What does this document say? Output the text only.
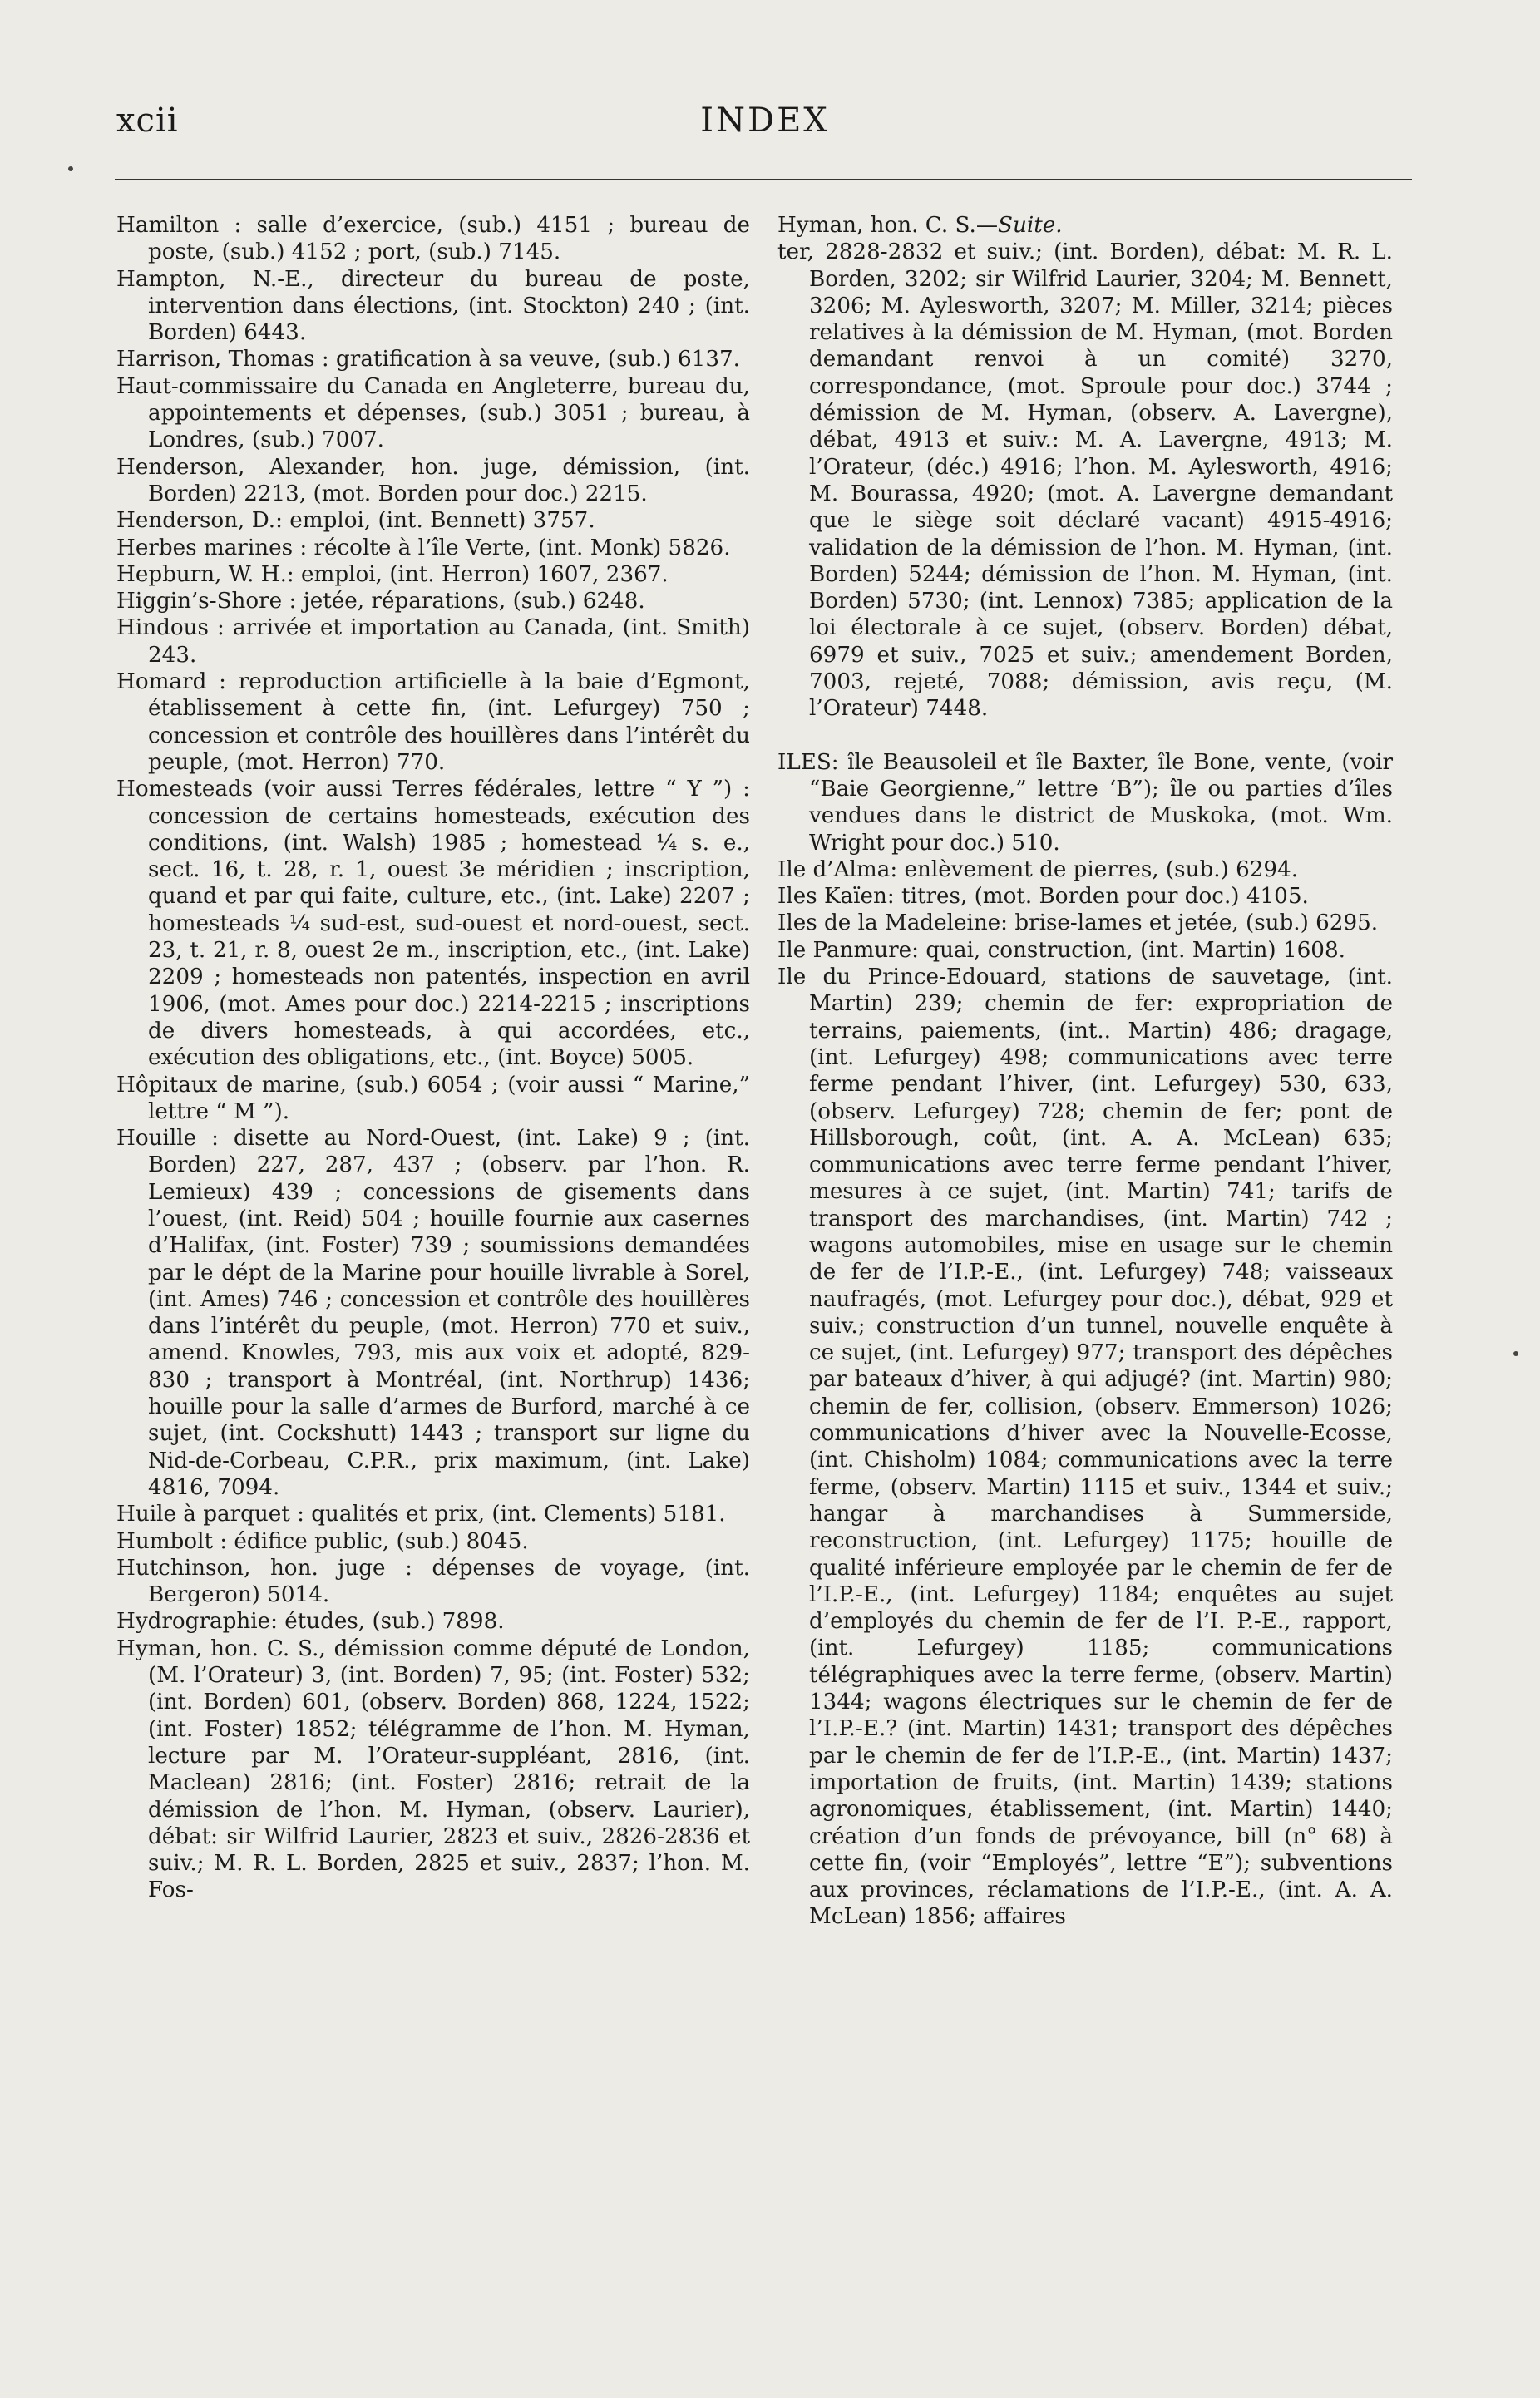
xcii	INDEX

Hamilton : salle d’exercice, (sub.) 4151 ; bureau de poste, (sub.) 4152 ; port, (sub.) 7145.

Hampton, N.-E., directeur du bureau de poste, intervention dans élections, (int. Stockton) 240 ; (int. Borden) 6443.

Harrison, Thomas : gratification à sa veuve, (sub.) 6137.

Haut-commissaire du Canada en Angleterre, bureau du, appointements et dépenses, (sub.) 3051 ; bureau, à Londres, (sub.) 7007.

Henderson, Alexander, hon. juge, démission, (int. Borden) 2213, (mot. Borden pour doc.) 2215.

Henderson, D.: emploi, (int. Bennett) 3757.

Herbes marines : récolte à l’île Verte, (int. Monk) 5826.

Hepburn, W. H.: emploi, (int. Herron) 1607, 2367.

Higgin’s-Shore : jetée, réparations, (sub.) 6248.

Hindous : arrivée et importation au Canada, (int. Smith) 243.

Homard : reproduction artificielle à la baie d’Egmont, établissement à cette fin, (int. Lefurgey) 750 ; concession et contrôle des houillères dans l’intérêt du peuple, (mot. Herron) 770.

Homesteads (voir aussi Terres fédérales, lettre “ Y ”) : concession de certains homesteads, exécution des conditions, (int. Walsh) 1985 ; homestead ¼ s. e., sect. 16, t. 28, r. 1, ouest 3e méridien ; inscription, quand et par qui faite, culture, etc., (int. Lake) 2207 ; homesteads ¼ sud-est, sud-ouest et nord-ouest, sect. 23, t. 21, r. 8, ouest 2e m., inscription, etc., (int. Lake) 2209 ; homesteads non patentés, inspection en avril 1906, (mot. Ames pour doc.) 2214-2215 ; inscriptions de divers homesteads, à qui accordées, etc., exécution des obligations, etc., (int. Boyce) 5005.

Hôpitaux de marine, (sub.) 6054 ; (voir aussi “ Marine,” lettre “ M ”).

Houille : disette au Nord-Ouest, (int. Lake) 9 ; (int. Borden) 227, 287, 437 ; (observ. par l’hon. R. Lemieux) 439 ; concessions de gisements dans l’ouest, (int. Reid) 504 ; houille fournie aux casernes d’Halifax, (int. Foster) 739 ; soumissions demandées par le dépt de la Marine pour houille livrable à Sorel, (int. Ames) 746 ; concession et contrôle des houillères dans l’intérêt du peuple, (mot. Herron) 770 et suiv., amend. Knowles, 793, mis aux voix et adopté, 829-830 ; transport à Montréal, (int. Northrup) 1436; houille pour la salle d’armes de Burford, marché à ce sujet, (int. Cockshutt) 1443 ; transport sur ligne du Nid-de-Corbeau, C.P.R., prix maximum, (int. Lake) 4816, 7094.

Huile à parquet : qualités et prix, (int. Clements) 5181.

Humbolt : édifice public, (sub.) 8045.

Hutchinson, hon. juge : dépenses de voyage, (int. Bergeron) 5014.

Hydrographie: études, (sub.) 7898.

Hyman, hon. C. S., démission comme député de London, (M. l’Orateur) 3, (int. Borden) 7, 95; (int. Foster) 532; (int. Borden) 601, (observ. Borden) 868, 1224, 1522; (int. Foster) 1852; télégramme de l’hon. M. Hyman, lecture par M. l’Orateur-suppléant, 2816, (int. Maclean) 2816; (int. Foster) 2816; retrait de la démission de l’hon. M. Hyman, (observ. Laurier), débat: sir Wilfrid Laurier, 2823 et suiv., 2826-2836 et suiv.; M. R. L. Borden, 2825 et suiv., 2837; l’hon. M. Fos-

Hyman, hon. C. S.—Suite.

ter, 2828-2832 et suiv.; (int. Borden), débat: M. R. L. Borden, 3202; sir Wilfrid Laurier, 3204; M. Bennett, 3206; M. Aylesworth, 3207; M. Miller, 3214; pièces relatives à la démission de M. Hyman, (mot. Borden demandant renvoi à un comité) 3270, correspondance, (mot. Sproule pour doc.) 3744 ; démission de M. Hyman, (observ. A. Lavergne), débat, 4913 et suiv.: M. A. Lavergne, 4913; M. l’Orateur, (déc.) 4916; l’hon. M. Aylesworth, 4916; M. Bourassa, 4920; (mot. A. Lavergne demandant que le siège soit déclaré vacant) 4915-4916; validation de la démission de l’hon. M. Hyman, (int. Borden) 5244; démission de l’hon. M. Hyman, (int. Borden) 5730; (int. Lennox) 7385; application de la loi électorale à ce sujet, (observ. Borden) débat, 6979 et suiv., 7025 et suiv.; amendement Borden, 7003, rejeté, 7088; démission, avis reçu, (M. l’Orateur) 7448.

ILES: île Beausoleil et île Baxter, île Bone, vente, (voir “Baie Georgienne,” lettre ‘B”); île ou parties d’îles vendues dans le district de Muskoka, (mot. Wm. Wright pour doc.) 510.

Ile d’Alma: enlèvement de pierres, (sub.) 6294.

Iles Kaïen: titres, (mot. Borden pour doc.) 4105.

Iles de la Madeleine: brise-lames et jetée, (sub.) 6295.

Ile Panmure: quai, construction, (int. Martin) 1608.

Ile du Prince-Edouard, stations de sauvetage, (int. Martin) 239; chemin de fer: expropriation de terrains, paiements, (int.. Martin) 486; dragage, (int. Lefurgey) 498; communications avec terre ferme pendant l’hiver, (int. Lefurgey) 530, 633, (observ. Lefurgey) 728; chemin de fer; pont de Hillsborough, coût, (int. A. A. McLean) 635; communications avec terre ferme pendant l’hiver, mesures à ce sujet, (int. Martin) 741; tarifs de transport des marchandises, (int. Martin) 742 ; wagons automobiles, mise en usage sur le chemin de fer de l’I.P.-E., (int. Lefurgey) 748; vaisseaux naufragés, (mot. Lefurgey pour doc.), débat, 929 et suiv.; construction d’un tunnel, nouvelle enquête à ce sujet, (int. Lefurgey) 977; transport des dépêches par bateaux d’hiver, à qui adjugé? (int. Martin) 980; chemin de fer, collision, (observ. Emmerson) 1026; communications d’hiver avec la Nouvelle-Ecosse, (int. Chisholm) 1084; communications avec la terre ferme, (observ. Martin) 1115 et suiv., 1344 et suiv.; hangar à marchandises à Summerside, reconstruction, (int. Lefurgey) 1175; houille de qualité inférieure employée par le chemin de fer de l’I.P.-E., (int. Lefurgey) 1184; enquêtes au sujet d’employés du chemin de fer de l’I. P.-E., rapport, (int. Lefurgey) 1185; communications télégraphiques avec la terre ferme, (observ. Martin) 1344; wagons électriques sur le chemin de fer de l’I.P.-E.? (int. Martin) 1431; transport des dépêches par le chemin de fer de l’I.P.-E., (int. Martin) 1437; importation de fruits, (int. Martin) 1439; stations agronomiques, établissement, (int. Martin) 1440; création d’un fonds de prévoyance, bill (n° 68) à cette fin, (voir “Employés”, lettre “E”); subventions aux provinces, réclamations de l’I.P.-E., (int. A. A. McLean) 1856; affaires
